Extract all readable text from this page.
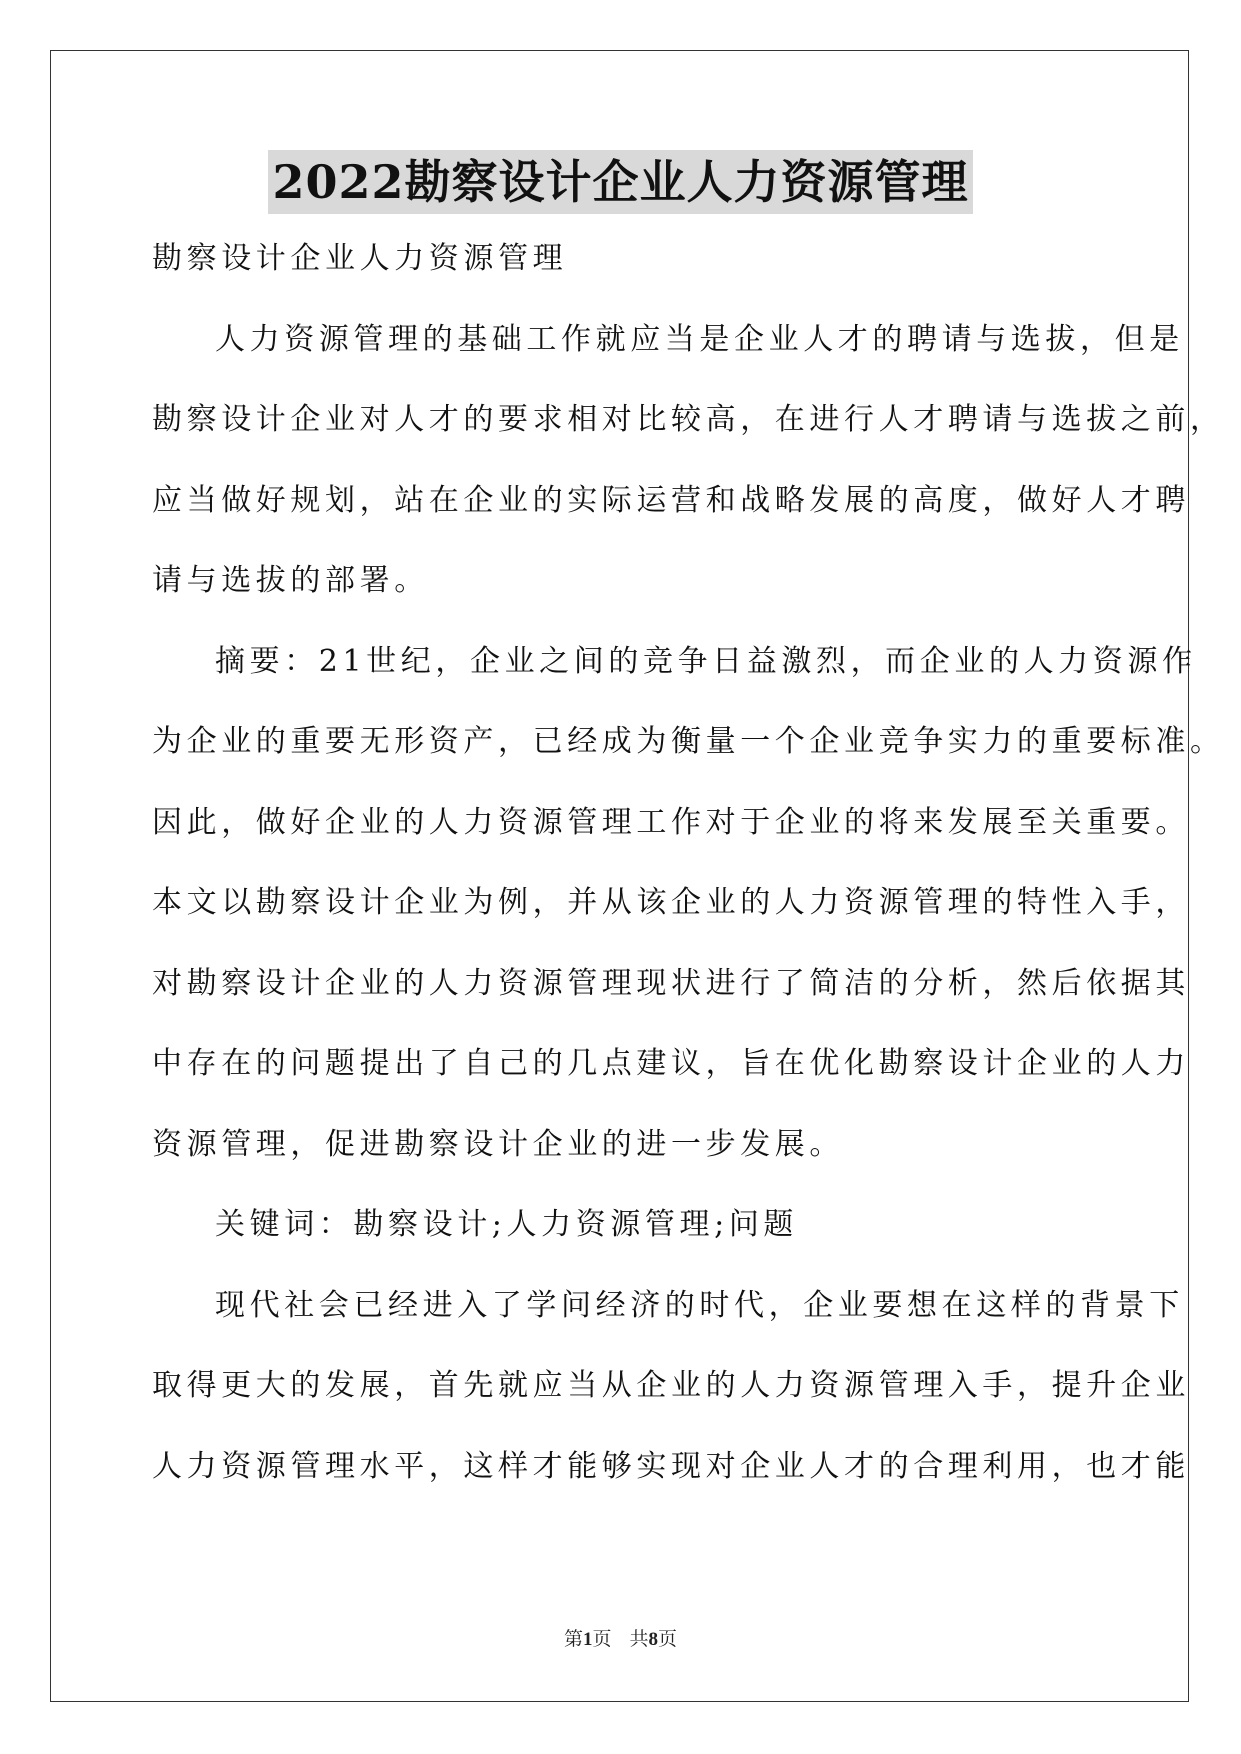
2022勘察设计企业人力资源管理
勘察设计企业人力资源管理
人力资源管理的基础工作就应当是企业人才的聘请与选拔，但是
勘察设计企业对人才的要求相对比较高，在进行人才聘请与选拔之前，
应当做好规划，站在企业的实际运营和战略发展的高度，做好人才聘
请与选拔的部署。
摘要：21世纪，企业之间的竞争日益激烈，而企业的人力资源作
为企业的重要无形资产，已经成为衡量一个企业竞争实力的重要标准。
因此，做好企业的人力资源管理工作对于企业的将来发展至关重要。
本文以勘察设计企业为例，并从该企业的人力资源管理的特性入手，
对勘察设计企业的人力资源管理现状进行了简洁的分析，然后依据其
中存在的问题提出了自己的几点建议，旨在优化勘察设计企业的人力
资源管理，促进勘察设计企业的进一步发展。
关键词：勘察设计;人力资源管理;问题
现代社会已经进入了学问经济的时代，企业要想在这样的背景下
取得更大的发展，首先就应当从企业的人力资源管理入手，提升企业
人力资源管理水平，这样才能够实现对企业人才的合理利用，也才能
第1页 共8页
